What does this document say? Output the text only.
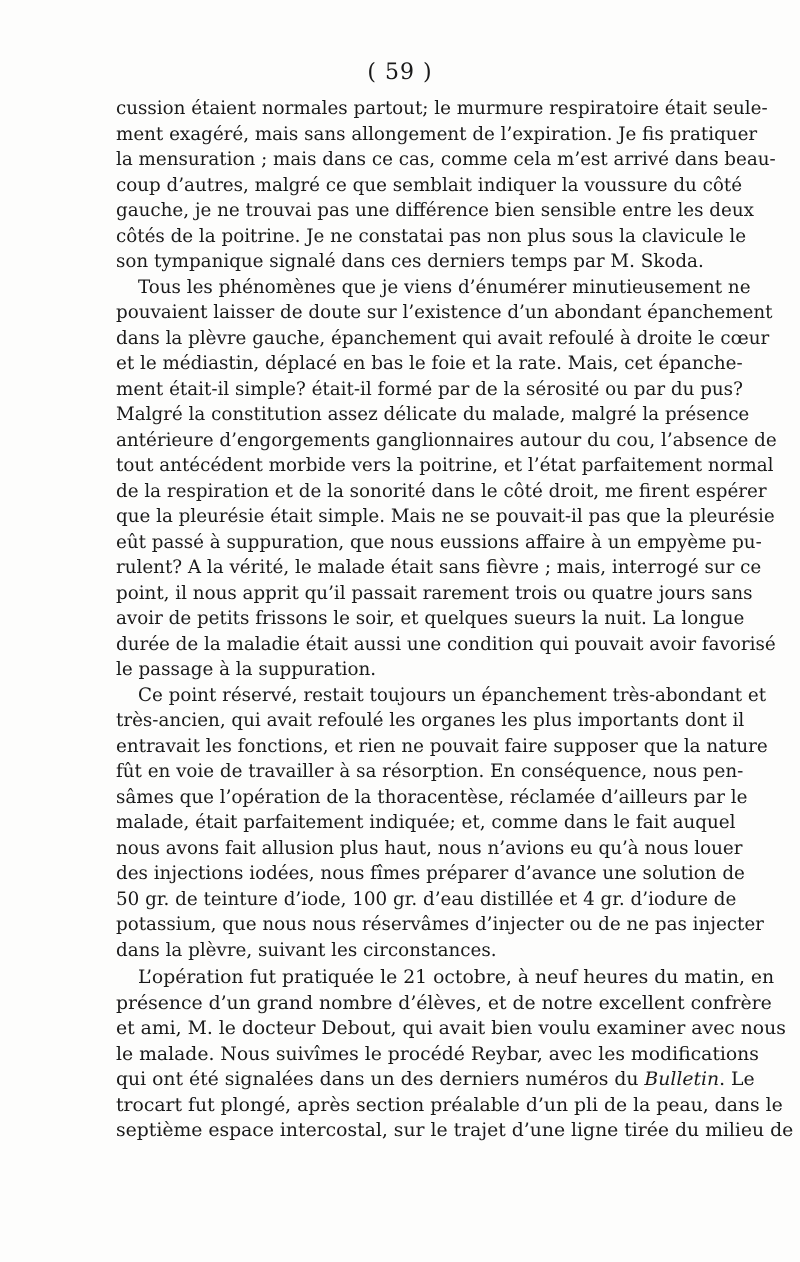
( 59 )
cussion étaient normales partout; le murmure respiratoire était seule-
ment exagéré, mais sans allongement de l’expiration. Je fis pratiquer
la mensuration ; mais dans ce cas, comme cela m’est arrivé dans beau-
coup d’autres, malgré ce que semblait indiquer la voussure du côté
gauche, je ne trouvai pas une différence bien sensible entre les deux
côtés de la poitrine. Je ne constatai pas non plus sous la clavicule le
son tympanique signalé dans ces derniers temps par M. Skoda.
Tous les phénomènes que je viens d’énumérer minutieusement ne
pouvaient laisser de doute sur l’existence d’un abondant épanchement
dans la plèvre gauche, épanchement qui avait refoulé à droite le cœur
et le médiastin, déplacé en bas le foie et la rate. Mais, cet épanche-
ment était-il simple? était-il formé par de la sérosité ou par du pus?
Malgré la constitution assez délicate du malade, malgré la présence
antérieure d’engorgements ganglionnaires autour du cou, l’absence de
tout antécédent morbide vers la poitrine, et l’état parfaitement normal
de la respiration et de la sonorité dans le côté droit, me firent espérer
que la pleurésie était simple. Mais ne se pouvait-il pas que la pleurésie
eût passé à suppuration, que nous eussions affaire à un empyème pu-
rulent? A la vérité, le malade était sans fièvre ; mais, interrogé sur ce
point, il nous apprit qu’il passait rarement trois ou quatre jours sans
avoir de petits frissons le soir, et quelques sueurs la nuit. La longue
durée de la maladie était aussi une condition qui pouvait avoir favorisé
le passage à la suppuration.
Ce point réservé, restait toujours un épanchement très-abondant et
très-ancien, qui avait refoulé les organes les plus importants dont il
entravait les fonctions, et rien ne pouvait faire supposer que la nature
fût en voie de travailler à sa résorption. En conséquence, nous pen-
sâmes que l’opération de la thoracentèse, réclamée d’ailleurs par le
malade, était parfaitement indiquée; et, comme dans le fait auquel
nous avons fait allusion plus haut, nous n’avions eu qu’à nous louer
des injections iodées, nous fîmes préparer d’avance une solution de
50 gr. de teinture d’iode, 100 gr. d’eau distillée et 4 gr. d’iodure de
potassium, que nous nous réservâmes d’injecter ou de ne pas injecter
dans la plèvre, suivant les circonstances.
L’opération fut pratiquée le 21 octobre, à neuf heures du matin, en
présence d’un grand nombre d’élèves, et de notre excellent confrère
et ami, M. le docteur Debout, qui avait bien voulu examiner avec nous
le malade. Nous suivîmes le procédé Reybar, avec les modifications
qui ont été signalées dans un des derniers numéros du Bulletin. Le
trocart fut plongé, après section préalable d’un pli de la peau, dans le
septième espace intercostal, sur le trajet d’une ligne tirée du milieu de
